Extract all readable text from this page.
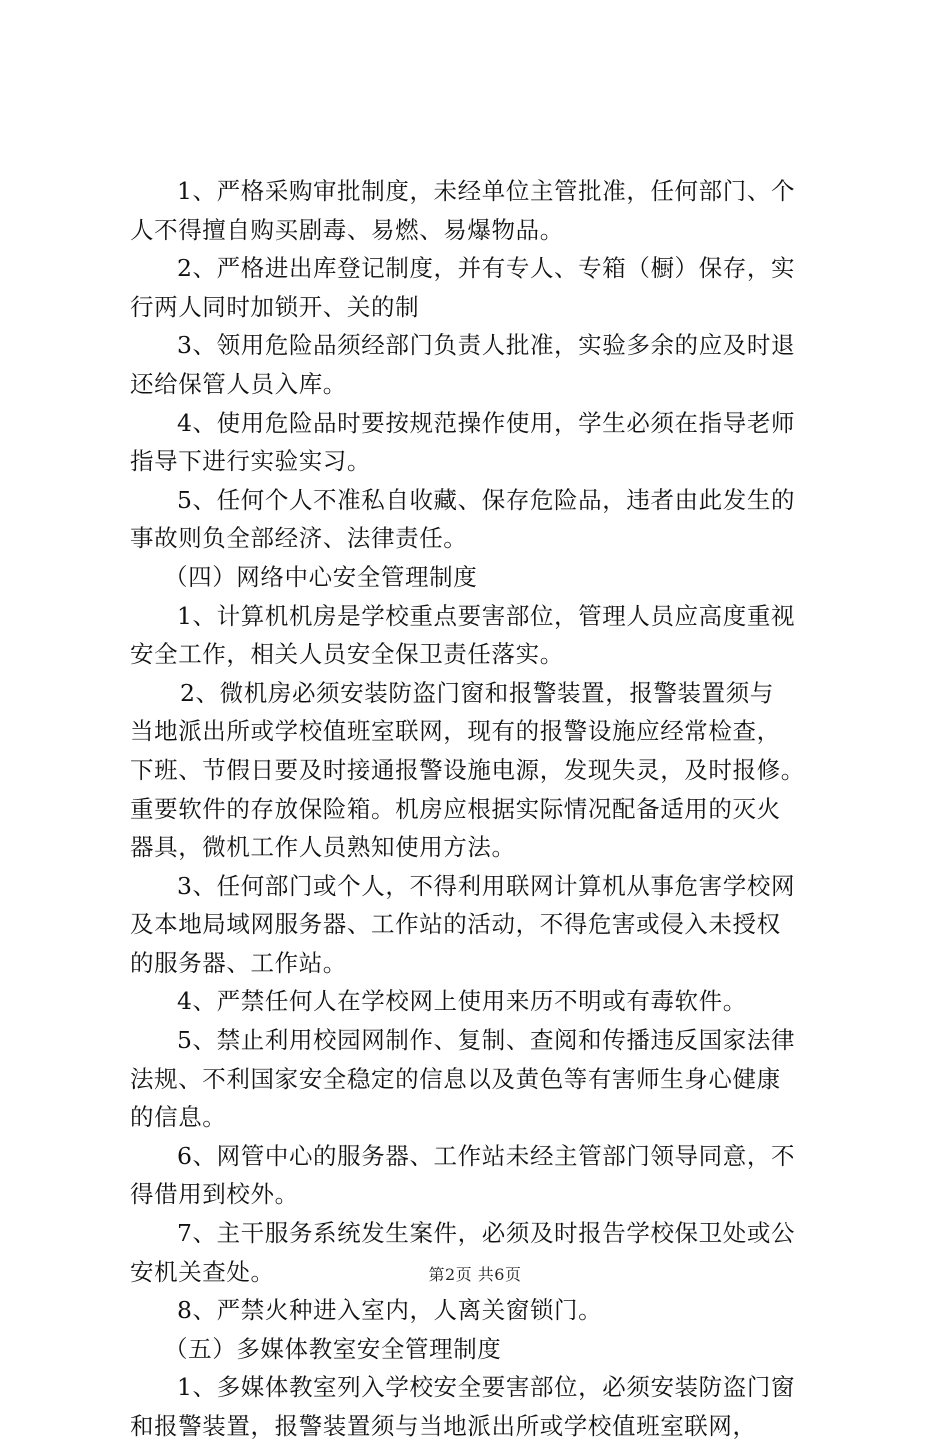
1、严格采购审批制度，未经单位主管批准，任何部门、个
人不得擅自购买剧毒、易燃、易爆物品。
2、严格进出库登记制度，并有专人、专箱（橱）保存，实
行两人同时加锁开、关的制
3、领用危险品须经部门负责人批准，实验多余的应及时退
还给保管人员入库。
4、使用危险品时要按规范操作使用，学生必须在指导老师
指导下进行实验实习。
5、任何个人不准私自收藏、保存危险品，违者由此发生的
事故则负全部经济、法律责任。
（四）网络中心安全管理制度
1、计算机机房是学校重点要害部位，管理人员应高度重视
安全工作，相关人员安全保卫责任落实。
2、微机房必须安装防盗门窗和报警装置，报警装置须与
当地派出所或学校值班室联网，现有的报警设施应经常检查，
下班、节假日要及时接通报警设施电源，发现失灵，及时报修。
重要软件的存放保险箱。机房应根据实际情况配备适用的灭火
器具，微机工作人员熟知使用方法。
3、任何部门或个人，不得利用联网计算机从事危害学校网
及本地局域网服务器、工作站的活动，不得危害或侵入未授权
的服务器、工作站。
4、严禁任何人在学校网上使用来历不明或有毒软件。
5、禁止利用校园网制作、复制、查阅和传播违反国家法律
法规、不利国家安全稳定的信息以及黄色等有害师生身心健康
的信息。
6、网管中心的服务器、工作站未经主管部门领导同意，不
得借用到校外。
7、主干服务系统发生案件，必须及时报告学校保卫处或公
安机关查处。
8、严禁火种进入室内，人离关窗锁门。
（五）多媒体教室安全管理制度
1、多媒体教室列入学校安全要害部位，必须安装防盗门窗
和报警装置，报警装置须与当地派出所或学校值班室联网，
第2页 共6页
